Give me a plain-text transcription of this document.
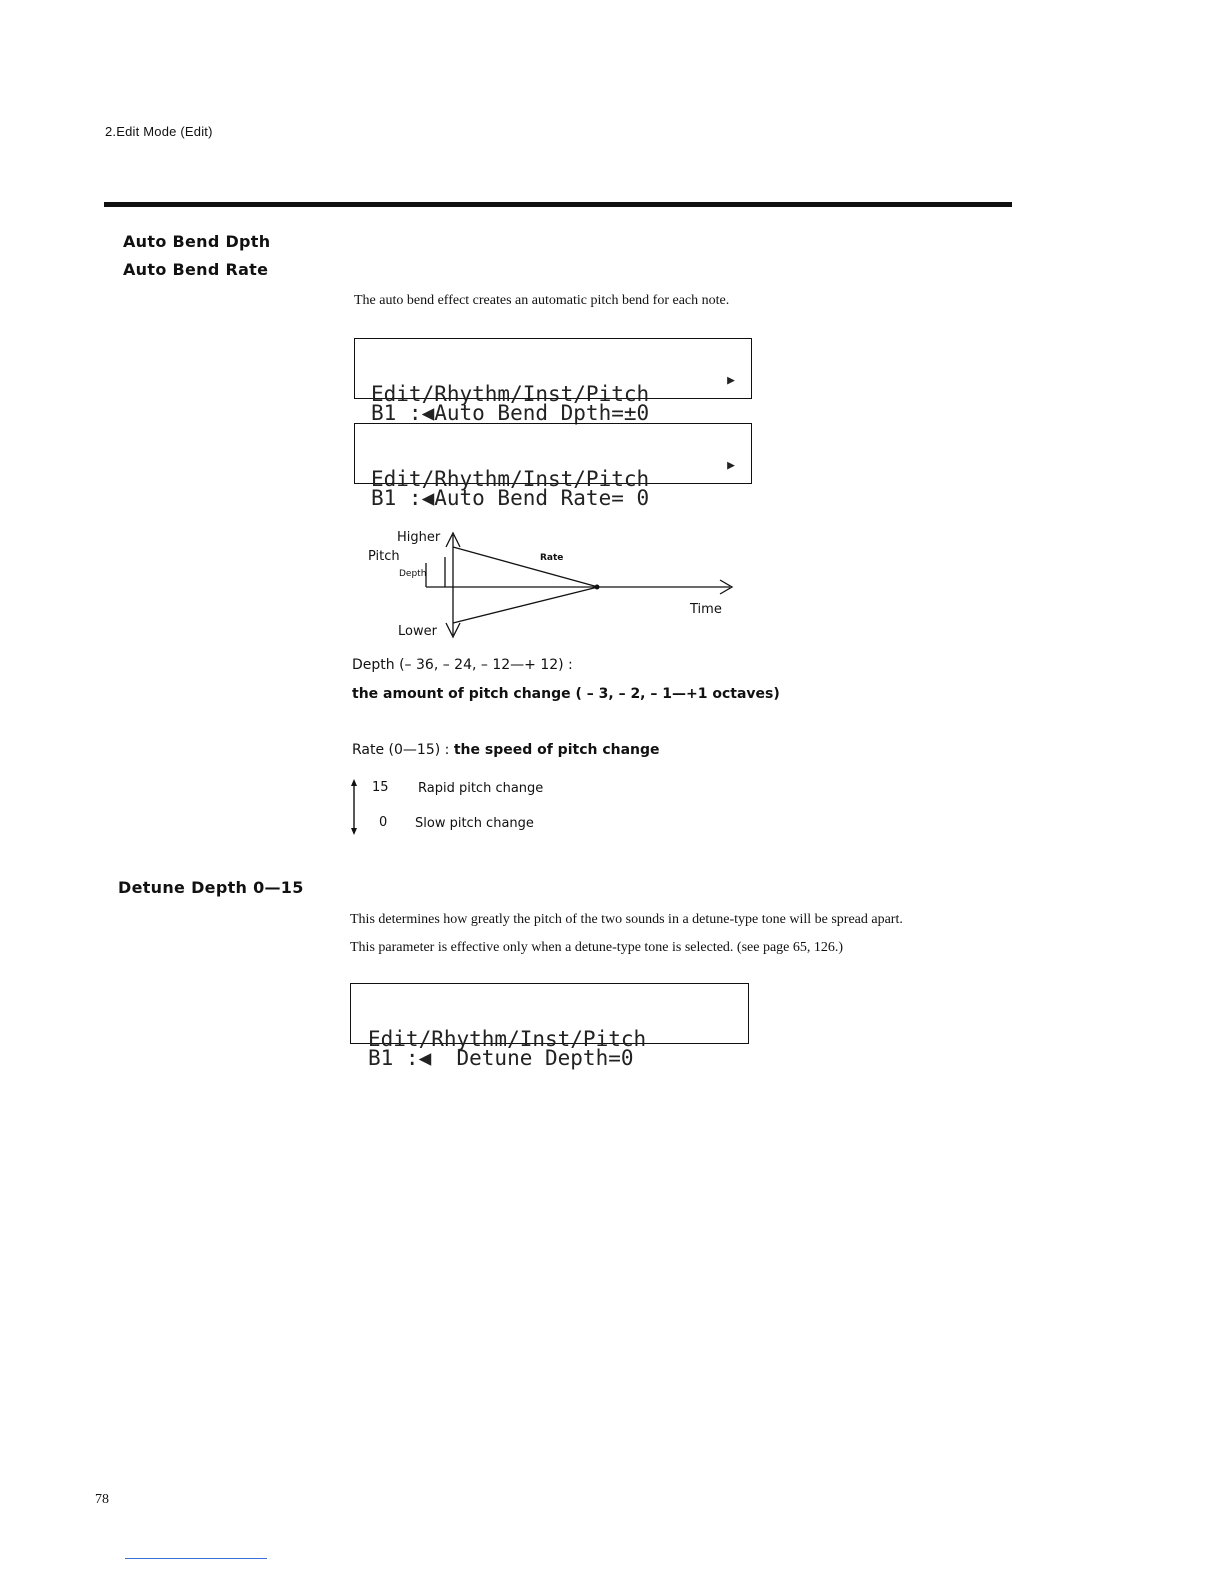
2.Edit Mode (Edit)
Auto Bend Dpth
Auto Bend Rate
The auto bend effect creates an automatic pitch bend for each note.

Edit/Rhythm/Inst/Pitch
B1 :◀Auto Bend Dpth=±0

▶

Edit/Rhythm/Inst/Pitch
B1 :◀Auto Bend Rate= 0

▶

Higher
Pitch
Depth
Rate
Time
Lower
Depth (– 36, – 24, – 12—+ 12) :
the amount of pitch change ( – 3, – 2, – 1—+1 octaves)
Rate (0—15) : the speed of pitch change
15 Rapid pitch change
0 Slow pitch change
Detune Depth 0—15
This determines how greatly the pitch of the two sounds in a detune-type tone will be spread apart.
This parameter is effective only when a detune-type tone is selected. (see page 65, 126.)

Edit/Rhythm/Inst/Pitch
B1 :◀  Detune Depth=0

78
